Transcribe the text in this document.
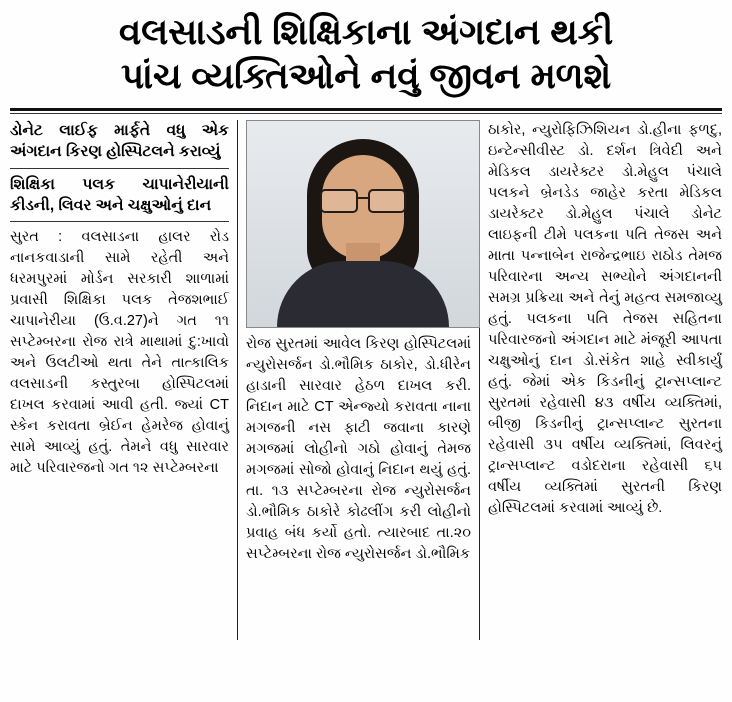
વલસાડની શિક્ષિકાના અંગદાન થકી
પાંચ વ્યક્તિઓને નવું જીવન મળશે
ડોનેટ લાઈફ માર્ફતે વધુ એક અંગદાન કિરણ હોસ્પિટલને કરાવ્યું
શિક્ષિકા પલક ચાપાનેરીયાની કીડની, લિવર અને ચક્ષુઓનું દાન

સુરત : વલસાડના હાલર રોડ નાનકવાડાની સામે રહેતી અને ધરમપુરમાં મોર્ડન સરકારી શાળામાં પ્રવાસી શિક્ષિકા પલક તેજશભાઈ ચાપાનેરીયા (ઉ.વ.27)ને ગત ૧૧ સપ્ટેમ્બરના રોજ રાત્રે માથામાં દુ:ખાવો અને ઉલટીઓ થતા તેને તાત્કાલિક વલસાડની કસ્તુરબા હોસ્પિટલમાં દાખલ કરવામાં આવી હતી. જ્યાં CT સ્કેન કરાવતા બ્રેઈન હેમરેજ હોવાનું સામે આવ્યું હતું. તેમને વધુ સારવાર માટે પરિવારજનો ગત ૧૨ સપ્ટેમ્બરના

રોજ સુરતમાં આવેલ કિરણ હોસ્પિટલમાં ન્યુરોસર્જન ડો.ભૌમિક ઠાકોર, ડો.ધીરેન હાડાની સારવાર હેઠળ દાખલ કરી. નિદાન માટે CT એન્જ્યો કરાવતા નાના મગજની નસ ફાટી જવાના કારણે મગજમાં લોહીનો ગઠો હોવાનું તેમજ મગજમાં સોજો હોવાનું નિદાન થયું હતું. તા. ૧૩ સપ્ટેમ્બરના રોજ ન્યુરોસર્જન ડો.ભૌમિક ઠાકોરે કોઢલીંગ કરી લોહીનો પ્રવાહ બંધ કર્યો હતો. ત્યારબાદ તા.૨૦ સપ્ટેમ્બરના રોજ ન્યુરોસર્જન ડો.ભૌમિક

ઠાકોર, ન્યુરોફિઝિશિયન ડો.હીના ફળદુ, ઇન્ટેન્સીવીસ્ટ ડો. દર્શન ત્રિવેદી અને મેડિકલ ડાયરેક્ટર ડો.મેહુલ પંચાલે પલકને બ્રેનડેડ જાહેર કરતા મેડિકલ ડાયરેક્ટર ડો.મેહુલ પંચાલે ડોનેટ લાઇફની ટીમે પલકના પતિ તેજસ અને માતા પન્નાબેન રાજેન્દ્રભાઇ રાઠોડ તેમજ પરિવારના અન્ય સભ્યોને અંગદાનની સમગ્ર પ્રક્રિયા અને તેનું મહત્વ સમજાવ્યુ હતું. પલકના પતિ તેજસ સહિતના પરિવારજનો અંગદાન માટે મંજૂરી આપતા ચક્ષુઓનું દાન ડો.સંકેત શાહે સ્વીકાર્યું હતું. જેમાં એક કિડનીનું ટ્રાન્સપ્લાન્ટ સુરતમાં રહેવાસી ૪૩ વર્ષીય વ્યક્તિમાં, બીજી કિડનીનું ટ્રાન્સપ્લાન્ટ સુરતના રહેવાસી ૩૫ વર્ષીય વ્યક્તિમાં, લિવરનું ટ્રાન્સપ્લાન્ટ વડોદરાના રહેવાસી ૬૫ વર્ષીય વ્યક્તિમાં સુરતની કિરણ હોસ્પિટલમાં કરવામાં આવ્યું છે.
